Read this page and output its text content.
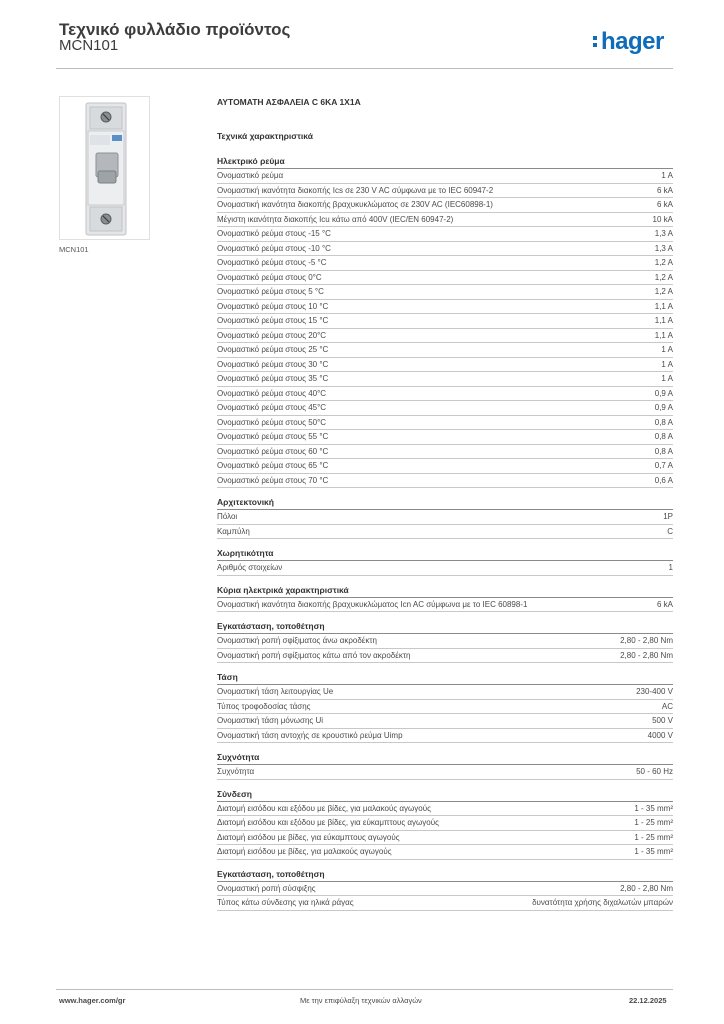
Τεχνικό φυλλάδιο προϊόντος
MCN101	hager
MCN101
ΑΥΤΟΜΑΤΗ ΑΣΦΑΛΕΙΑ C 6KA 1X1A
Τεχνικά χαρακτηριστικά
Ηλεκτρικό ρεύμα
Ονομαστικό ρεύμα	1 A
Ονομαστική ικανότητα διακοπής Ics σε 230 V AC σύμφωνα με το IEC 60947-2	6 kA
Ονομαστική ικανότητα διακοπής βραχυκυκλώματος σε 230V AC (IEC60898-1)	6 kA
Μέγιστη ικανότητα διακοπής Icu κάτω από 400V (IEC/EN 60947-2)	10 kA
Ονομαστικό ρεύμα στους -15 °C	1,3 A
Ονομαστικό ρεύμα στους -10 °C	1,3 A
Ονομαστικό ρεύμα στους -5 °C	1,2 A
Ονομαστικό ρεύμα στους 0°C	1,2 A
Ονομαστικό ρεύμα στους 5 °C	1,2 A
Ονομαστικό ρεύμα στους 10 °C	1,1 A
Ονομαστικό ρεύμα στους 15 °C	1,1 A
Ονομαστικό ρεύμα στους 20°C	1,1 A
Ονομαστικό ρεύμα στους 25 °C	1 A
Ονομαστικό ρεύμα στους 30 °C	1 A
Ονομαστικό ρεύμα στους 35 °C	1 A
Ονομαστικό ρεύμα στους 40°C	0,9 A
Ονομαστικό ρεύμα στους 45°C	0,9 A
Ονομαστικό ρεύμα στους 50°C	0,8 A
Ονομαστικό ρεύμα στους 55 °C	0,8 A
Ονομαστικό ρεύμα στους 60 °C	0,8 A
Ονομαστικό ρεύμα στους 65 °C	0,7 A
Ονομαστικό ρεύμα στους 70 °C	0,6 A
Αρχιτεκτονική
Πόλοι	1P
Καμπύλη	C
Χωρητικότητα
Αριθμός στοιχείων	1
Κύρια ηλεκτρικά χαρακτηριστικά
Ονομαστική ικανότητα διακοπής βραχυκυκλώματος Icn AC σύμφωνα με το IEC 60898-1	6 kA
Εγκατάσταση, τοποθέτηση
Ονομαστική ροπή σφίξιματος άνω ακροδέκτη	2,80 - 2,80 Nm
Ονομαστική ροπή σφίξιματος κάτω από τον ακροδέκτη	2,80 - 2,80 Nm
Τάση
Ονομαστική τάση λειτουργίας Ue	230-400 V
Τύπος τροφοδοσίας τάσης	AC
Ονομαστική τάση μόνωσης Ui	500 V
Ονομαστική τάση αντοχής σε κρουστικό ρεύμα Uimp	4000 V
Συχνότητα
Συχνότητα	50 - 60 Hz
Σύνδεση
Διατομή εισόδου και εξόδου με βίδες, για μαλακούς αγωγούς	1 - 35 mm²
Διατομή εισόδου και εξόδου με βίδες, για εύκαμπτους αγωγούς	1 - 25 mm²
Διατομή εισόδου με βίδες, για εύκαμπτους αγωγούς	1 - 25 mm²
Διατομή εισόδου με βίδες, για μαλακούς αγωγούς	1 - 35 mm²
Εγκατάσταση, τοποθέτηση
Ονομαστική ροπή σύσφιξης	2,80 - 2,80 Nm
Τύπος κάτω σύνδεσης για ηλικά ράγας	δυνατότητα χρήσης διχαλωτών μπαρών
www.hager.com/gr	Με την επιφύλαξη τεχνικών αλλαγών	22.12.2025
